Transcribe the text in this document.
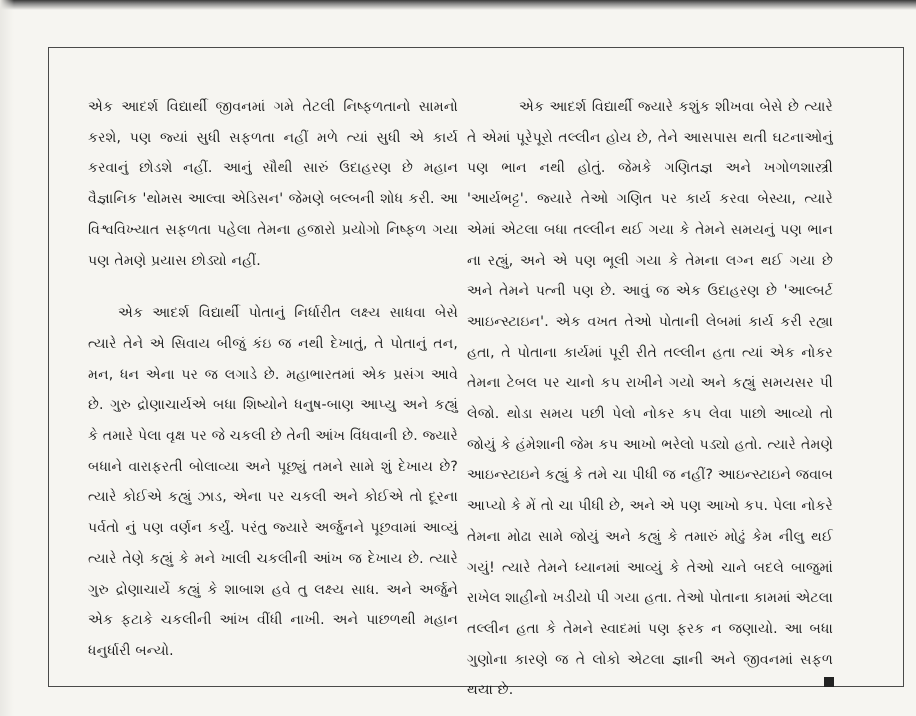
એક આદર્શ વિદ્યાર્થી જીવનમાં ગમે તેટલી નિષ્ફળતાનો સામનો કરશે, પણ જ્યાં સુધી સફળતા નહીં મળે ત્યાં સુધી એ કાર્ય કરવાનું છોડશે નહીં. આનું સૌથી સારું ઉદાહરણ છે મહાન વૈજ્ઞાનિક 'થોમસ આલ્વા એડિસન' જેમણે બલ્બની શોધ કરી. આ વિશ્વવિખ્યાત સફળતા પહેલા તેમના હજારો પ્રયોગો નિષ્ફળ ગયા પણ તેમણે પ્રયાસ છોડ્યો નહીં.

એક આદર્શ વિદ્યાર્થી પોતાનું નિર્ધારીત લક્ષ્ય સાધવા બેસે ત્યારે તેને એ સિવાય બીજું કંઇ જ નથી દેખાતું, તે પોતાનું તન, મન, ધન એના પર જ લગાડે છે. મહાભારતમાં એક પ્રસંગ આવે છે. ગુરુ દ્રોણાચાર્યએ બધા શિષ્યોને ધનુષ-બાણ આપ્યુ અને કહ્યું કે તમારે પેલા વૃક્ષ પર જે ચકલી છે તેની આંખ વિંધવાની છે. જ્યારે બધાને વારાફરતી બોલાવ્યા અને પૂછ્યું તમને સામે શું દેખાય છે? ત્યારે કોઈએ કહ્યું ઝાડ, એના પર ચકલી અને કોઈએ તો દૂરના પર્વતો નું પણ વર્ણન કર્યું. પરંતુ જ્યારે અર્જુનને પૂછવામાં આવ્યું ત્યારે તેણે કહ્યું કે મને ખાલી ચકલીની આંખ જ દેખાય છે. ત્યારે ગુરુ દ્રોણાચાર્યે કહ્યું કે શાબાશ હવે તુ લક્ષ્ય સાધ. અને અર્જુને એક ફટાકે ચકલીની આંખ વીંધી નાખી. અને પાછળથી મહાન ધનુર્ધારી બન્યો.

એક આદર્શ વિદ્યાર્થી જ્યારે કશુંક શીખવા બેસે છે ત્યારે તે એમાં પૂરેપૂરો તલ્લીન હોય છે, તેને આસપાસ થતી ઘટનાઓનું પણ ભાન નથી હોતું. જેમકે ગણિતજ્ઞ અને ખગોળશાસ્ત્રી 'આર્યભટ્ટ'. જ્યારે તેઓ ગણિત પર કાર્ય કરવા બેસ્યા, ત્યારે એમાં એટલા બધા તલ્લીન થઈ ગયા કે તેમને સમયનું પણ ભાન ના રહ્યું, અને એ પણ ભૂલી ગયા કે તેમના લગ્ન થઈ ગયા છે અને તેમને પત્ની પણ છે. આવું જ એક ઉદાહરણ છે 'આલ્બર્ટ આઇન્સ્ટાઇન'. એક વખત તેઓ પોતાની લેબમાં કાર્ય કરી રહ્યા હતા, તે પોતાના કાર્યમાં પૂરી રીતે તલ્લીન હતા ત્યાં એક નોકર તેમના ટેબલ પર ચાનો કપ રાખીને ગયો અને કહ્યું સમયસર પી લેજો. થોડા સમય પછી પેલો નોકર કપ લેવા પાછો આવ્યો તો જોયું કે હંમેશાની જેમ કપ આખો ભરેલો પડ્યો હતો. ત્યારે તેમણે આઇન્સ્ટાઇને કહ્યું કે તમે ચા પીધી જ નહીં? આઇન્સ્ટાઇને જવાબ આપ્યો કે મેં તો ચા પીધી છે, અને એ પણ આખો કપ. પેલા નોકરે તેમના મોઢા સામે જોયું અને કહ્યું કે તમારું મોઢું કેમ નીલુ થઈ ગયું! ત્યારે તેમને ધ્યાનમાં આવ્યું કે તેઓ ચાને બદલે બાજુમાં રાખેલ શાહીનો ખડીયો પી ગયા હતા. તેઓ પોતાના કામમાં એટલા તલ્લીન હતા કે તેમને સ્વાદમાં પણ ફરક ન જણાયો. આ બધા ગુણોના કારણે જ તે લોકો એટલા જ્ઞાની અને જીવનમાં સફળ થયા છે.
